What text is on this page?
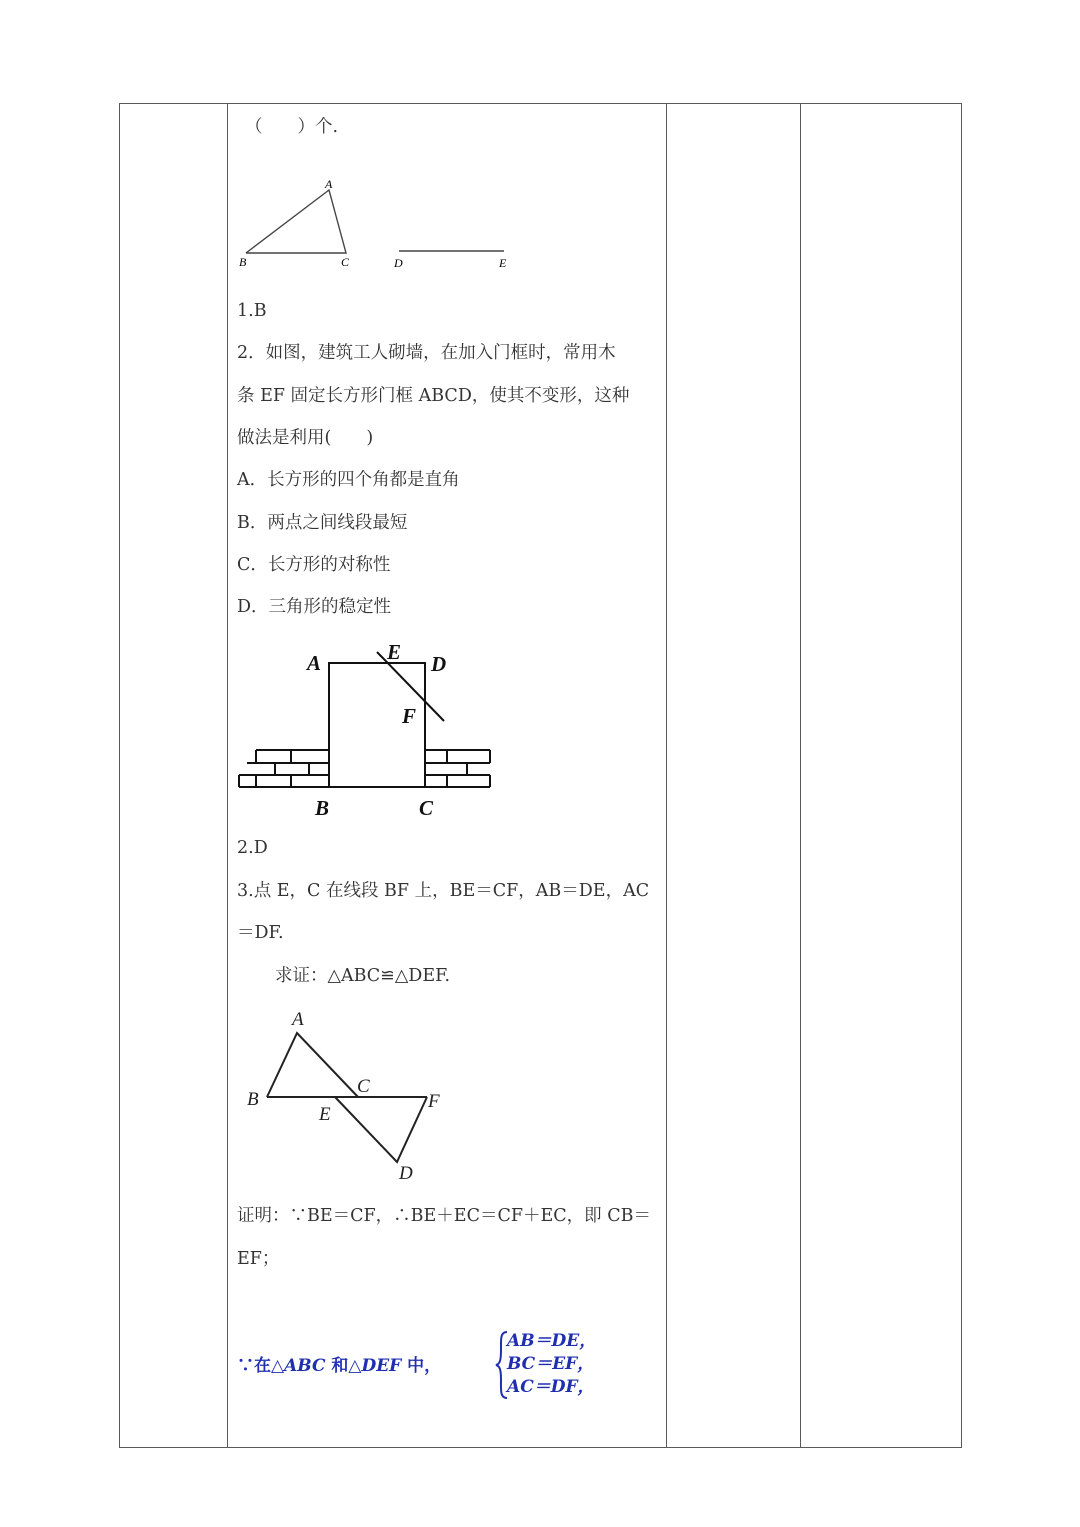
（　　）个.
A
B	C	D	E
1.B
2．如图，建筑工人砌墙，在加入门框时，常用木
条 EF 固定长方形门框 ABCD，使其不变形，这种
做法是利用(　　)
A．长方形的四个角都是直角
B．两点之间线段最短
C．长方形的对称性
D．三角形的稳定性
A	E D
F
B	C
2.D
3.点 E，C 在线段 BF 上，BE＝CF，AB＝DE，AC
＝DF.
求证：△ABC≌△DEF.
A
B
C
E
F
D
证明：∵BE＝CF，∴BE＋EC＝CF＋EC，即 CB＝
EF；
∵在△ABC 和△DEF 中，
AB＝DE，
BC＝EF，
AC＝DF，
